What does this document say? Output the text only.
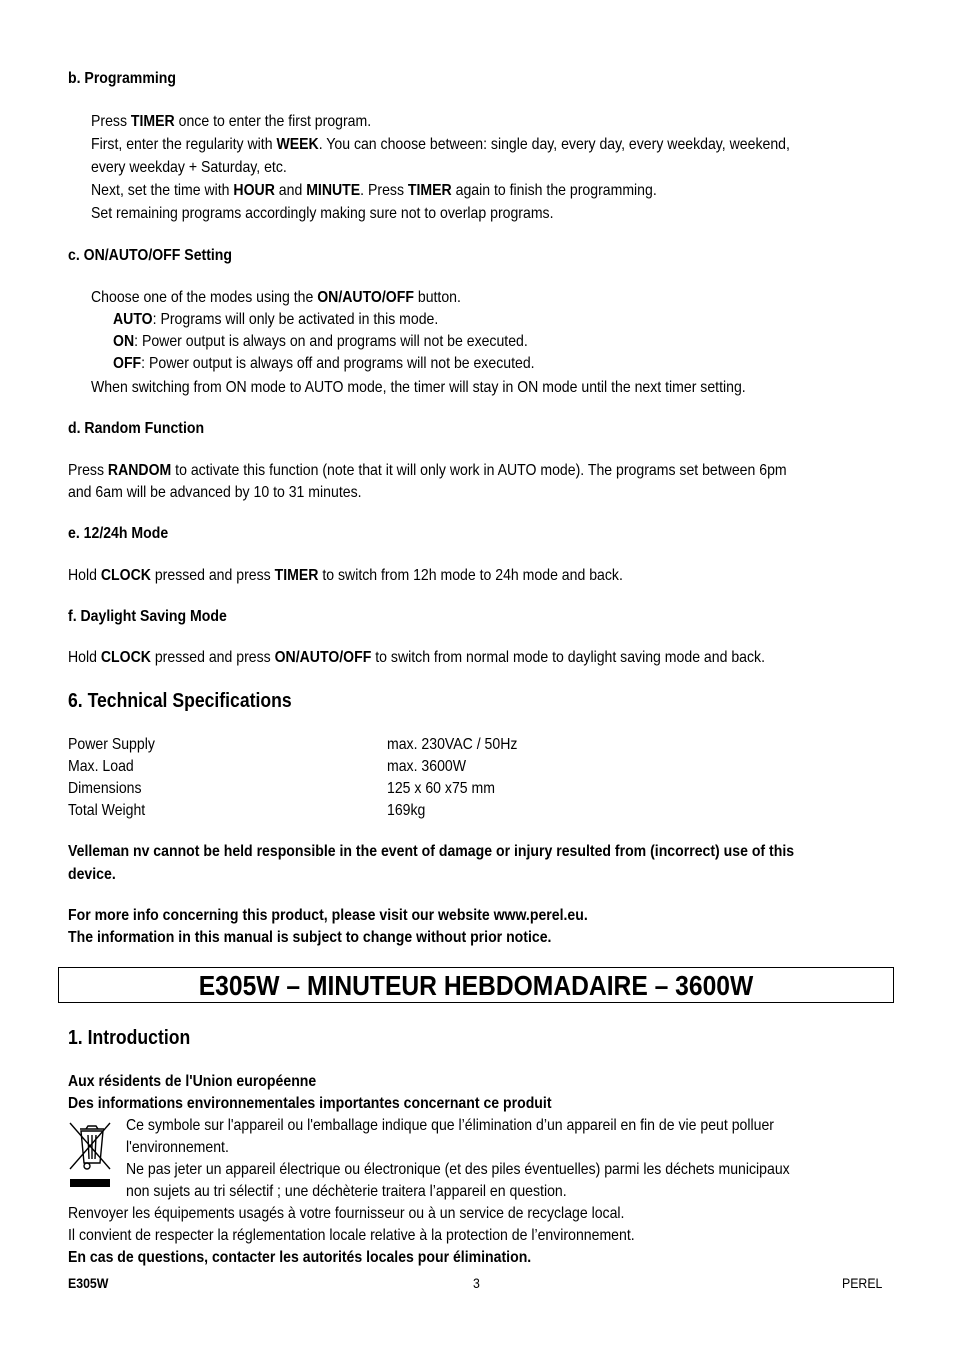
b. Programming
Press TIMER once to enter the first program.
First, enter the regularity with WEEK. You can choose between: single day, every day, every weekday, weekend,
every weekday + Saturday, etc.
Next, set the time with HOUR and MINUTE. Press TIMER again to finish the programming.
Set remaining programs accordingly making sure not to overlap programs.
c. ON/AUTO/OFF Setting
Choose one of the modes using the ON/AUTO/OFF button.
AUTO: Programs will only be activated in this mode.
ON: Power output is always on and programs will not be executed.
OFF: Power output is always off and programs will not be executed.
When switching from ON mode to AUTO mode, the timer will stay in ON mode until the next timer setting.
d. Random Function
Press RANDOM to activate this function (note that it will only work in AUTO mode). The programs set between 6pm
and 6am will be advanced by 10 to 31 minutes.
e. 12/24h Mode
Hold CLOCK pressed and press TIMER to switch from 12h mode to 24h mode and back.
f. Daylight Saving Mode
Hold CLOCK pressed and press ON/AUTO/OFF to switch from normal mode to daylight saving mode and back.
6. Technical Specifications
Power Supply	max. 230VAC / 50Hz
Max. Load	max. 3600W
Dimensions	125 x 60 x75 mm
Total Weight	169kg
Velleman nv cannot be held responsible in the event of damage or injury resulted from (incorrect) use of this
device.
For more info concerning this product, please visit our website www.perel.eu.
The information in this manual is subject to change without prior notice.
E305W – MINUTEUR HEBDOMADAIRE – 3600W
1. Introduction
Aux résidents de l'Union européenne
Des informations environnementales importantes concernant ce produit
Ce symbole sur l'appareil ou l'emballage indique que l’élimination d’un appareil en fin de vie peut polluer
l'environnement.
Ne pas jeter un appareil électrique ou électronique (et des piles éventuelles) parmi les déchets municipaux
non sujets au tri sélectif ; une déchèterie traitera l’appareil en question.
Renvoyer les équipements usagés à votre fournisseur ou à un service de recyclage local.
Il convient de respecter la réglementation locale relative à la protection de l’environnement.
En cas de questions, contacter les autorités locales pour élimination.
E305W	3	PEREL
